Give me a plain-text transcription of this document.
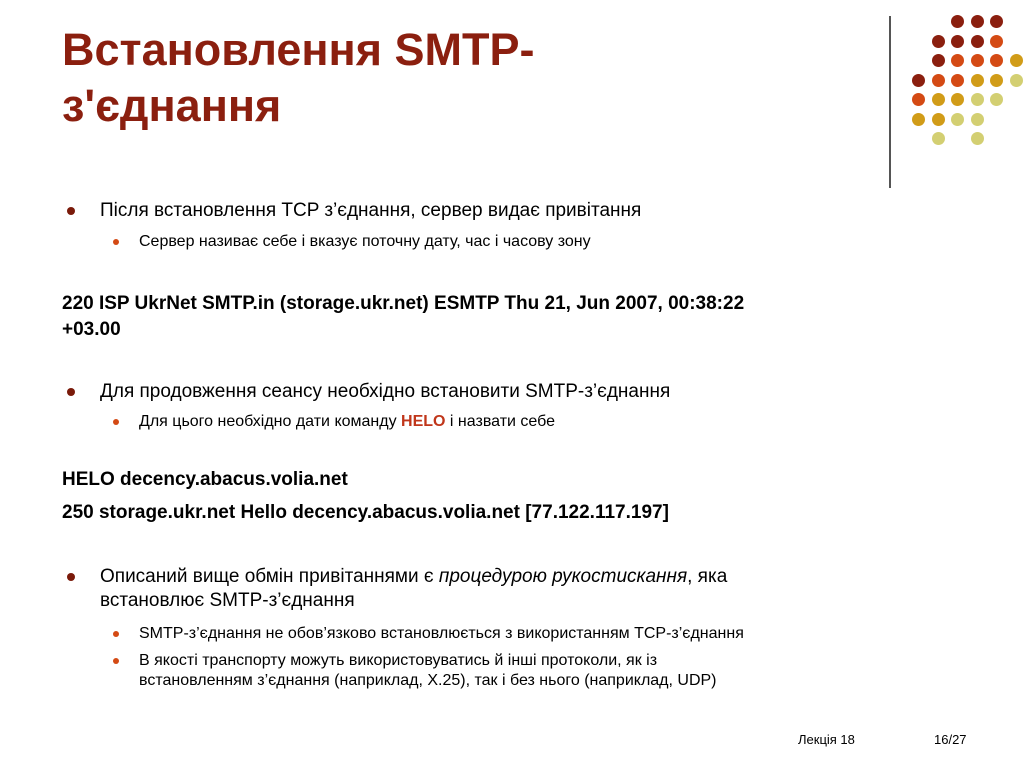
Встановлення SMTP-
з'єднання
Після встановлення TCP з’єднання, сервер видає привітання
Сервер називає себе і вказує поточну дату, час і часову зону
220 ISP UkrNet SMTP.in (storage.ukr.net) ESMTP Thu 21, Jun 2007, 00:38:22
+03.00
Для продовження сеансу необхідно встановити SMTP-з’єднання
Для цього необхідно дати команду HELO і назвати себе
HELO decency.abacus.volia.net
250 storage.ukr.net Hello decency.abacus.volia.net [77.122.117.197]
Описаний вище обмін привітаннями є процедурою рукостискання, яка
встановлює SMTP-з’єднання
SMTP-з’єднання не обов’язково встановлюється з використанням TCP-з’єднання
В якості транспорту можуть використовуватись й інші протоколи, як із
встановленням з’єднання (наприклад, X.25), так і без нього (наприклад, UDP)
Лекція 18	16/27
